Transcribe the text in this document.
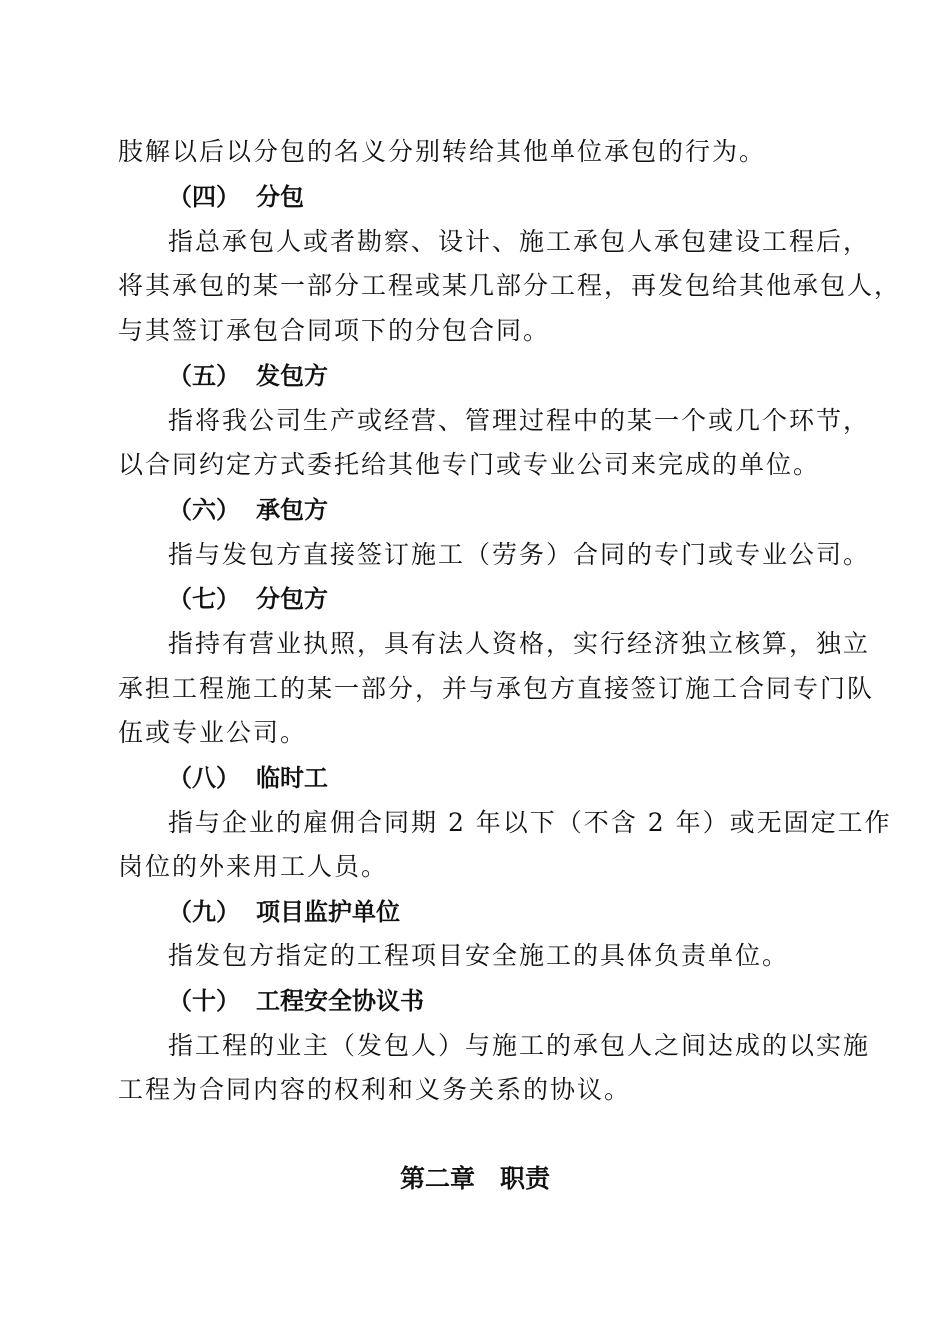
肢解以后以分包的名义分别转给其他单位承包的行为。
（四） 分包
指总承包人或者勘察、设计、施工承包人承包建设工程后，
将其承包的某一部分工程或某几部分工程，再发包给其他承包人，
与其签订承包合同项下的分包合同。
（五） 发包方
指将我公司生产或经营、管理过程中的某一个或几个环节，
以合同约定方式委托给其他专门或专业公司来完成的单位。
（六） 承包方
指与发包方直接签订施工（劳务）合同的专门或专业公司。
（七） 分包方
指持有营业执照，具有法人资格，实行经济独立核算，独立
承担工程施工的某一部分，并与承包方直接签订施工合同专门队
伍或专业公司。
（八） 临时工
指与企业的雇佣合同期 2 年以下（不含 2 年）或无固定工作
岗位的外来用工人员。
（九） 项目监护单位
指发包方指定的工程项目安全施工的具体负责单位。
（十） 工程安全协议书
指工程的业主（发包人）与施工的承包人之间达成的以实施
工程为合同内容的权利和义务关系的协议。
第二章　职责
